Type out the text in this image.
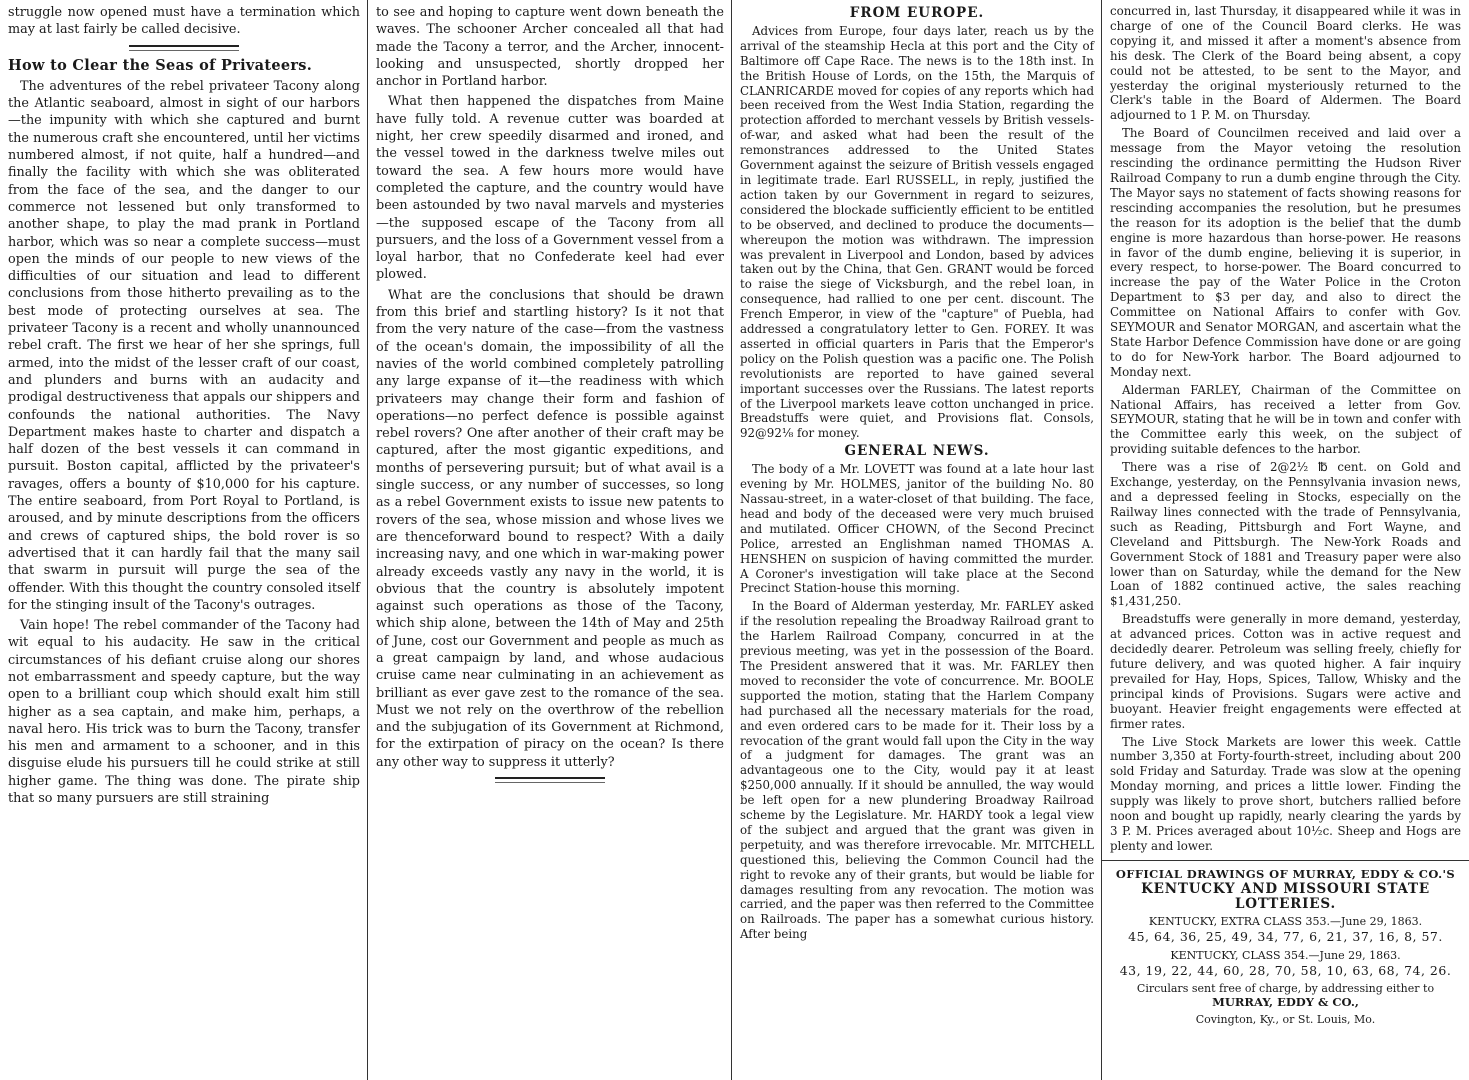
struggle now opened must have a termination which may at last fairly be called decisive.

How to Clear the Seas of Privateers.

The adventures of the rebel privateer Tacony along the Atlantic seaboard, almost in sight of our harbors—the impunity with which she captured and burnt the numerous craft she encountered, until her victims numbered almost, if not quite, half a hundred—and finally the facility with which she was obliterated from the face of the sea, and the danger to our commerce not lessened but only transformed to another shape, to play the mad prank in Portland harbor, which was so near a complete success—must open the minds of our people to new views of the difficulties of our situation and lead to different conclusions from those hitherto prevailing as to the best mode of protecting ourselves at sea. The privateer Tacony is a recent and wholly unannounced rebel craft. The first we hear of her she springs, full armed, into the midst of the lesser craft of our coast, and plunders and burns with an audacity and prodigal destructiveness that appals our shippers and confounds the national authorities. The Navy Department makes haste to charter and dispatch a half dozen of the best vessels it can command in pursuit. Boston capital, afflicted by the privateer's ravages, offers a bounty of $10,000 for his capture. The entire seaboard, from Port Royal to Portland, is aroused, and by minute descriptions from the officers and crews of captured ships, the bold rover is so advertised that it can hardly fail that the many sail that swarm in pursuit will purge the sea of the offender. With this thought the country consoled itself for the stinging insult of the Tacony's outrages.

Vain hope! The rebel commander of the Tacony had wit equal to his audacity. He saw in the critical circumstances of his defiant cruise along our shores not embarrassment and speedy capture, but the way open to a brilliant coup which should exalt him still higher as a sea captain, and make him, perhaps, a naval hero. His trick was to burn the Tacony, transfer his men and armament to a schooner, and in this disguise elude his pursuers till he could strike at still higher game. The thing was done. The pirate ship that so many pursuers are still straining

to see and hoping to capture went down beneath the waves. The schooner Archer concealed all that had made the Tacony a terror, and the Archer, innocent-looking and unsuspected, shortly dropped her anchor in Portland harbor.

What then happened the dispatches from Maine have fully told. A revenue cutter was boarded at night, her crew speedily disarmed and ironed, and the vessel towed in the darkness twelve miles out toward the sea. A few hours more would have completed the capture, and the country would have been astounded by two naval marvels and mysteries—the supposed escape of the Tacony from all pursuers, and the loss of a Government vessel from a loyal harbor, that no Confederate keel had ever plowed.

What are the conclusions that should be drawn from this brief and startling history? Is it not that from the very nature of the case—from the vastness of the ocean's domain, the impossibility of all the navies of the world combined completely patrolling any large expanse of it—the readiness with which privateers may change their form and fashion of operations—no perfect defence is possible against rebel rovers? One after another of their craft may be captured, after the most gigantic expeditions, and months of persevering pursuit; but of what avail is a single success, or any number of successes, so long as a rebel Government exists to issue new patents to rovers of the sea, whose mission and whose lives we are thenceforward bound to respect? With a daily increasing navy, and one which in war-making power already exceeds vastly any navy in the world, it is obvious that the country is absolutely impotent against such operations as those of the Tacony, which ship alone, between the 14th of May and 25th of June, cost our Government and people as much as a great campaign by land, and whose audacious cruise came near culminating in an achievement as brilliant as ever gave zest to the romance of the sea. Must we not rely on the overthrow of the rebellion and the subjugation of its Government at Richmond, for the extirpation of piracy on the ocean? Is there any other way to suppress it utterly?

FROM EUROPE.

Advices from Europe, four days later, reach us by the arrival of the steamship Hecla at this port and the City of Baltimore off Cape Race. The news is to the 18th inst. In the British House of Lords, on the 15th, the Marquis of CLANRICARDE moved for copies of any reports which had been received from the West India Station, regarding the protection afforded to merchant vessels by British vessels-of-war, and asked what had been the result of the remonstrances addressed to the United States Government against the seizure of British vessels engaged in legitimate trade. Earl RUSSELL, in reply, justified the action taken by our Government in regard to seizures, considered the blockade sufficiently efficient to be entitled to be observed, and declined to produce the documents—whereupon the motion was withdrawn. The impression was prevalent in Liverpool and London, based by advices taken out by the China, that Gen. GRANT would be forced to raise the siege of Vicksburgh, and the rebel loan, in consequence, had rallied to one per cent. discount. The French Emperor, in view of the "capture" of Puebla, had addressed a congratulatory letter to Gen. FOREY. It was asserted in official quarters in Paris that the Emperor's policy on the Polish question was a pacific one. The Polish revolutionists are reported to have gained several important successes over the Russians. The latest reports of the Liverpool markets leave cotton unchanged in price. Breadstuffs were quiet, and Provisions flat. Consols, 92@92⅛ for money.

GENERAL NEWS.

The body of a Mr. LOVETT was found at a late hour last evening by Mr. HOLMES, janitor of the building No. 80 Nassau-street, in a water-closet of that building. The face, head and body of the deceased were very much bruised and mutilated. Officer CHOWN, of the Second Precinct Police, arrested an Englishman named THOMAS A. HENSHEN on suspicion of having committed the murder. A Coroner's investigation will take place at the Second Precinct Station-house this morning.

In the Board of Alderman yesterday, Mr. FARLEY asked if the resolution repealing the Broadway Railroad grant to the Harlem Railroad Company, concurred in at the previous meeting, was yet in the possession of the Board. The President answered that it was. Mr. FARLEY then moved to reconsider the vote of concurrence. Mr. BOOLE supported the motion, stating that the Harlem Company had purchased all the necessary materials for the road, and even ordered cars to be made for it. Their loss by a revocation of the grant would fall upon the City in the way of a judgment for damages. The grant was an advantageous one to the City, would pay it at least $250,000 annually. If it should be annulled, the way would be left open for a new plundering Broadway Railroad scheme by the Legislature. Mr. HARDY took a legal view of the subject and argued that the grant was given in perpetuity, and was therefore irrevocable. Mr. MITCHELL questioned this, believing the Common Council had the right to revoke any of their grants, but would be liable for damages resulting from any revocation. The motion was carried, and the paper was then referred to the Committee on Railroads. The paper has a somewhat curious history. After being

concurred in, last Thursday, it disappeared while it was in charge of one of the Council Board clerks. He was copying it, and missed it after a moment's absence from his desk. The Clerk of the Board being absent, a copy could not be attested, to be sent to the Mayor, and yesterday the original mysteriously returned to the Clerk's table in the Board of Aldermen. The Board adjourned to 1 P. M. on Thursday.

The Board of Councilmen received and laid over a message from the Mayor vetoing the resolution rescinding the ordinance permitting the Hudson River Railroad Company to run a dumb engine through the City. The Mayor says no statement of facts showing reasons for rescinding accompanies the resolution, but he presumes the reason for its adoption is the belief that the dumb engine is more hazardous than horse-power. He reasons in favor of the dumb engine, believing it is superior, in every respect, to horse-power. The Board concurred to increase the pay of the Water Police in the Croton Department to $3 per day, and also to direct the Committee on National Affairs to confer with Gov. SEYMOUR and Senator MORGAN, and ascertain what the State Harbor Defence Commission have done or are going to do for New-York harbor. The Board adjourned to Monday next.

Alderman FARLEY, Chairman of the Committee on National Affairs, has received a letter from Gov. SEYMOUR, stating that he will be in town and confer with the Committee early this week, on the subject of providing suitable defences to the harbor.

There was a rise of 2@2½ ℔ cent. on Gold and Exchange, yesterday, on the Pennsylvania invasion news, and a depressed feeling in Stocks, especially on the Railway lines connected with the trade of Pennsylvania, such as Reading, Pittsburgh and Fort Wayne, and Cleveland and Pittsburgh. The New-York Roads and Government Stock of 1881 and Treasury paper were also lower than on Saturday, while the demand for the New Loan of 1882 continued active, the sales reaching $1,431,250.

Breadstuffs were generally in more demand, yesterday, at advanced prices. Cotton was in active request and decidedly dearer. Petroleum was selling freely, chiefly for future delivery, and was quoted higher. A fair inquiry prevailed for Hay, Hops, Spices, Tallow, Whisky and the principal kinds of Provisions. Sugars were active and buoyant. Heavier freight engagements were effected at firmer rates.

The Live Stock Markets are lower this week. Cattle number 3,350 at Forty-fourth-street, including about 200 sold Friday and Saturday. Trade was slow at the opening Monday morning, and prices a little lower. Finding the supply was likely to prove short, butchers rallied before noon and bought up rapidly, nearly clearing the yards by 3 P. M. Prices averaged about 10½c. Sheep and Hogs are plenty and lower.

OFFICIAL DRAWINGS OF MURRAY, EDDY & CO.'S
KENTUCKY AND MISSOURI STATE LOTTERIES.
KENTUCKY, EXTRA CLASS 353.—June 29, 1863.
45, 64, 36, 25, 49, 34, 77, 6, 21, 37, 16, 8, 57.
KENTUCKY, CLASS 354.—June 29, 1863.
43, 19, 22, 44, 60, 28, 70, 58, 10, 63, 68, 74, 26.
Circulars sent free of charge, by addressing either to
MURRAY, EDDY & CO.,
Covington, Ky., or St. Louis, Mo.
